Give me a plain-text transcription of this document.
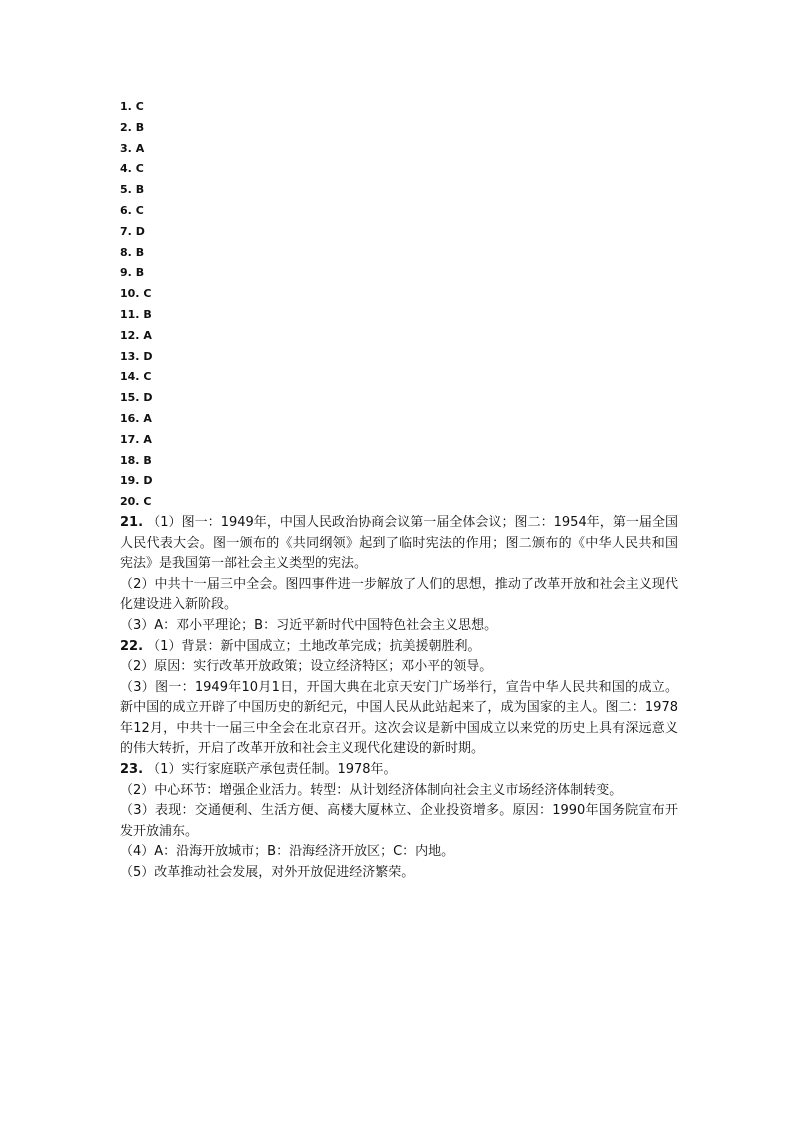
1. C
2. B
3. A
4. C
5. B
6. C
7. D
8. B
9. B
10. C
11. B
12. A
13. D
14. C
15. D
16. A
17. A
18. B
19. D
20. C

21. （1）图一：1949年，中国人民政治协商会议第一届全体会议；图二：1954年，第一届全国人民代表大会。图一颁布的《共同纲领》起到了临时宪法的作用；图二颁布的《中华人民共和国宪法》是我国第一部社会主义类型的宪法。

（2）中共十一届三中全会。图四事件进一步解放了人们的思想，推动了改革开放和社会主义现代化建设进入新阶段。

（3）A：邓小平理论；B：习近平新时代中国特色社会主义思想。

22. （1）背景：新中国成立；土地改革完成；抗美援朝胜利。

（2）原因：实行改革开放政策；设立经济特区；邓小平的领导。

（3）图一：1949年10月1日，开国大典在北京天安门广场举行，宣告中华人民共和国的成立。新中国的成立开辟了中国历史的新纪元，中国人民从此站起来了，成为国家的主人。图二：1978年12月，中共十一届三中全会在北京召开。这次会议是新中国成立以来党的历史上具有深远意义的伟大转折，开启了改革开放和社会主义现代化建设的新时期。

23. （1）实行家庭联产承包责任制。1978年。

（2）中心环节：增强企业活力。转型：从计划经济体制向社会主义市场经济体制转变。

（3）表现：交通便利、生活方便、高楼大厦林立、企业投资增多。原因：1990年国务院宣布开发开放浦东。

（4）A：沿海开放城市；B：沿海经济开放区；C：内地。

（5）改革推动社会发展，对外开放促进经济繁荣。
